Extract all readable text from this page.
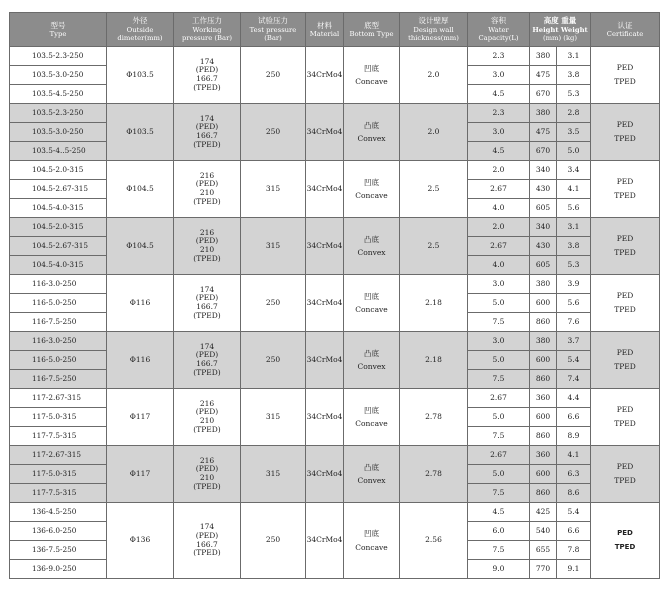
型号
Type	外径
Outside
dimeter(mm)	工作压力
Working
pressure (Bar)	试验压力
Test pressure
(Bar)	材料
Material	底型
Bottom Type	设计壁厚
Design wall
thickness(mm)	容积
Water
Capacity(L)	高度 重量
Height Weight
(mm) (kg)		认证
Certificate

103.5-2.3-250	Φ103.5	174
(PED)
166.7
(TPED)	250	34CrMo4	凹底
Concave	2.0	2.3	380	3.1	PED
TPED

103.5-3.0-250							3.0	475	3.8	
103.5-4.5-250							4.5	670	5.3	
103.5-2.3-250	Φ103.5	174
(PED)
166.7
(TPED)	250	34CrMo4	凸底
Convex	2.0	2.3	380	2.8	PED
TPED

103.5-3.0-250							3.0	475	3.5	
103.5-4..5-250							4.5	670	5.0	
104.5-2.0-315	Φ104.5	216
(PED)
210
(TPED)	315	34CrMo4	凹底
Concave	2.5	2.0	340	3.4	PED
TPED

104.5-2.67-315							2.67	430	4.1	
104.5-4.0-315							4.0	605	5.6	
104.5-2.0-315	Φ104.5	216
(PED)
210
(TPED)	315	34CrMo4	凸底
Convex	2.5	2.0	340	3.1	PED
TPED

104.5-2.67-315							2.67	430	3.8	
104.5-4.0-315							4.0	605	5.3	
116-3.0-250	Φ116	174
(PED)
166.7
(TPED)	250	34CrMo4	凹底
Concave	2.18	3.0	380	3.9	PED
TPED

116-5.0-250							5.0	600	5.6	
116-7.5-250							7.5	860	7.6	
116-3.0-250	Φ116	174
(PED)
166.7
(TPED)	250	34CrMo4	凸底
Convex	2.18	3.0	380	3.7	PED
TPED

116-5.0-250							5.0	600	5.4	
116-7.5-250							7.5	860	7.4	
117-2.67-315	Φ117	216
(PED)
210
(TPED)	315	34CrMo4	凹底
Concave	2.78	2.67	360	4.4	PED
TPED

117-5.0-315							5.0	600	6.6	
117-7.5-315							7.5	860	8.9	
117-2.67-315	Φ117	216
(PED)
210
(TPED)	315	34CrMo4	凸底
Convex	2.78	2.67	360	4.1	PED
TPED

117-5.0-315							5.0	600	6.3	
117-7.5-315							7.5	860	8.6	
136-4.5-250	Φ136	174
(PED)
166.7
(TPED)	250	34CrMo4	凹底
Concave	2.56	4.5	425	5.4	PED
TPED

136-6.0-250							6.0	540	6.6	
136-7.5-250							7.5	655	7.8	
136-9.0-250							9.0	770	9.1	
